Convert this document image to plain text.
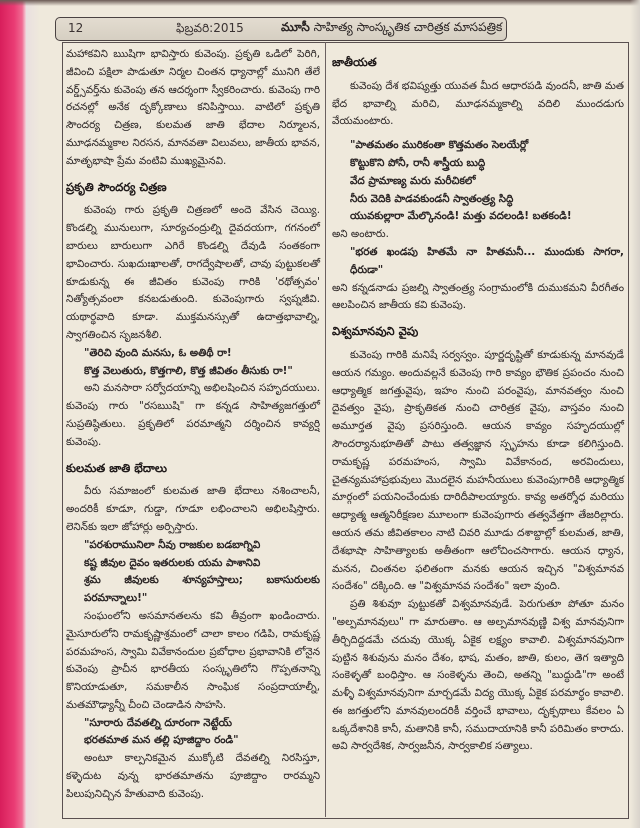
12	ఫిబ్రవరి:2015	మూసీ సాహిత్య సాంస్కృతిక చారిత్రక మాసపత్రిక

మహాకవిని ఋషిగా భావిస్తారు కువెంపు. ప్రకృతి ఒడిలో పెరిగి, జీవించి పక్షిలా పాడుతూ నిర్మల చింతన ధ్యానాల్లో మునిగి తేలే వర్డ్స్‌వర్త్‌ను కువెంపు తన ఆదర్శంగా స్వీకరించారు. కువెంపు గారి రచనల్లో అనేక దృక్కోణాలు కనిపిస్తాయి. వాటిలో ప్రకృతి సౌందర్య చిత్రణ, కులమత జాతి భేదాల నిర్మూలన, మూఢనమ్మకాల నిరసన, మానవతా విలువలు, జాతీయ భావన, మాతృభాషా ప్రేమ వంటివి ముఖ్యమైనవి.

ప్రకృతి సౌందర్య చిత్రణ

కువెంపు గారు ప్రకృతి చిత్రణలో అందె వేసిన చెయ్యి. కొండల్ని మునులుగా, సూర్యచంద్రుల్ని దైవదయగా, గగనంలో బారులు బారులుగా ఎగిరే కొండల్ని దేవుడి సంతకంగా భావించారు. సుఖదుఃఖాలతో, రాగద్వేషాలతో, చావు పుట్టుకలతో కూడుకున్న ఈ జీవితం కువెంపు గారికి 'రథోత్సవం' నిత్యోత్సవంలా కనబడుతుంది. కువెంపుగారు స్వప్నజీవి. యథార్థవాది కూడా. ముక్తమనస్సుతో ఉదాత్తభావాల్ని, స్వాగతించిన సృజనశీలి.

"తెరిచి వుంది మనసు, ఓ అతిథీ రా!

కొత్త వెలుతురు, కొత్తగాలి, కొత్త జీవితం తీసుకు రా!"

అని మనసారా సర్వోదయాన్ని అభిలషించిన సహృదయులు. కువెంపు గారు "రసఋషి" గా కన్నడ సాహిత్యజగత్తులో సుప్రతిష్ఠితులు. ప్రకృతిలో పరమాత్మని దర్శించిన కావ్యర్షి కువెంపు.

కులమత జాతి భేదాలు

వీరు సమాజంలో కులమత జాతి భేదాలు నశించాలనీ, అందరికీ కూడూ, గుడ్డా, గూడూ లభించాలని అభిలషిస్తారు. లెనిన్‌కు ఇలా జోహార్లు అర్పిస్తారు.

"పరశురామునిలా నీవు రాజకుల బడబాగ్నివి

కష్ట జీవుల దైవం ఇతరులకు యమ పాశానివి

శ్రమ జీవులకు శూన్యహస్తాలు; బకాసురులకు పరమాన్నాలు!"

సంఘంలోని అసమానతలను కవి తీవ్రంగా ఖండించారు. మైసూరులోని రామకృష్ణాశ్రమంలో చాలా కాలం గడిపి, రామకృష్ణ పరమహంస, స్వామి వివేకానందుల ప్రబోధాల ప్రభావానికి లోనైన కువెంపు ప్రాచీన భారతీయ సంస్కృతిలోని గొప్పతనాన్ని కొనియాడుతూ, సమకాలీన సాంఘిక సంప్రదాయాల్నీ, మతమౌఢ్యాన్నీ చీంచి చెండాడిన సాహసి.

"సూరారు దేవతల్ని దూరంగా నెట్టేయ్

భరతమాత మన తల్లి పూజిద్దాం రండి"

అంటూ కాల్పనికమైన ముక్కోటి దేవతల్ని నిరసిస్తూ, కళ్ళెదుట వున్న భారతమాతను పూజిద్దాం రారమ్మని పిలుపునిచ్చిన హేతువాది కువెంపు.

జాతీయత

కువెంపు దేశ భవిష్యత్తు యువత మీద ఆధారపడి వుందనీ, జాతి మత భేద భావాల్ని మరిచి, మూఢనమ్మకాల్ని వదిలి ముందడుగు వేయమంటారు.

"పాతమతం మురికంతా కొత్తమతం సెలయేర్లో

కొట్టుకొని పోనీ, రానీ శాస్త్రీయ బుద్ధి

వేద ప్రామాణ్య మరు మరీచికలో

నీరు వెదికి పాడవకుండనీ స్వాతంత్ర్య సిద్ధి

యువకుల్లారా మేల్కొనండి! మత్తు వదలండి! బతకండి!

అని అంటారు.

"భరత ఖండపు హితమే నా హితమనీ... ముందుకు సాగరా, ధీరుడా"

అని కన్నడనాడు ప్రజల్ని స్వాతంత్ర్య సంగ్రామంలోకి దుముకమని వీరగీతం ఆలపించిన జాతీయ కవి కువెంపు.

విశ్వమానవుని వైపు

కువెంపు గారికి మనిషే సర్వస్వం. పూర్ణదృష్టితో కూడుకున్న మానవుడే ఆయన గమ్యం. అందువల్లనే కువెంపు గారి కావ్యం భౌతిక ప్రపంచం నుంచి ఆధ్యాత్మిక జగత్తువైపు, ఇహం నుంచి పరంవైపు, మానవత్వం నుంచి దైవత్వం వైపు, ప్రాకృతికత నుంచి చారిత్రక వైపు, వాస్తవం నుంచి అమూర్తత వైపు ప్రసరిస్తుంది. ఆయన కావ్యం సహృదయుల్లో సౌందర్యానుభూతితో పాటు తత్వజ్ఞాన స్పృహను కూడా కలిగిస్తుంది. రామకృష్ణ పరమహంస, స్వామి వివేకానంద, అరవిందులు, చైతన్యమహాప్రభువులు మొదలైన మహనీయులు కువెంపుగారికి ఆధ్యాత్మిక మార్గంలో పయనించేందుకు దారిదీపాలయ్యారు. కావ్య అతర్శోధ మరియు ఆధ్యాత్మ ఆత్మనిరీక్షణల మూలంగా కువెంపుగారు తత్వవేత్తగా తేజరిల్లారు. ఆయన తమ జీవితకాలం నాటి చివరి మూడు దశాబ్దాల్లో కులమత, జాతి, దేశభాషా సాహిత్యాలకు అతీతంగా ఆలోచించసాగారు. ఆయన ధ్యాన, మనన, చింతనల ఫలితంగా మనకు ఆయన ఇచ్చిన "విశ్వమానవ సందేశం" దక్కింది. ఆ "విశ్వమానవ సందేశం" ఇలా వుంది.

ప్రతి శిశువూ పుట్టుకతో విశ్వమానవుడే. పెరుగుతూ పోతూ మనం "అల్పమానవులు" గా మారుతాం. ఆ అల్పమానవుణ్ణి విశ్వ మానవునిగా తీర్చిదిద్దడమే చదువు యొక్క ఏకైక లక్ష్యం కావాలి. విశ్వమానవునిగా పుట్టిన శిశువును మనం దేశం, భాష, మతం, జాతి, కులం, తెగ ఇత్యాది సంకెళ్ళతో బంధిస్తాం. ఆ సంకెళ్ళను తెంచి, అతన్ని "బుద్ధుడి"గా అంటే మళ్ళీ విశ్వమానవునిగా మార్చడమే విద్య యొక్క ఏకైక పరమార్థం కావాలి. ఈ జగత్తులోని మానవులందరికీ వర్తించే భావాలు, దృక్పథాలు కేవలం ఏ ఒక్కదేశానికి కానీ, మతానికి కానీ, సముదాయానికి కానీ పరిమితం కారాదు. అవి సార్వదేశిక, సార్వజనీన, సార్వకాలిక సత్యాలు.
